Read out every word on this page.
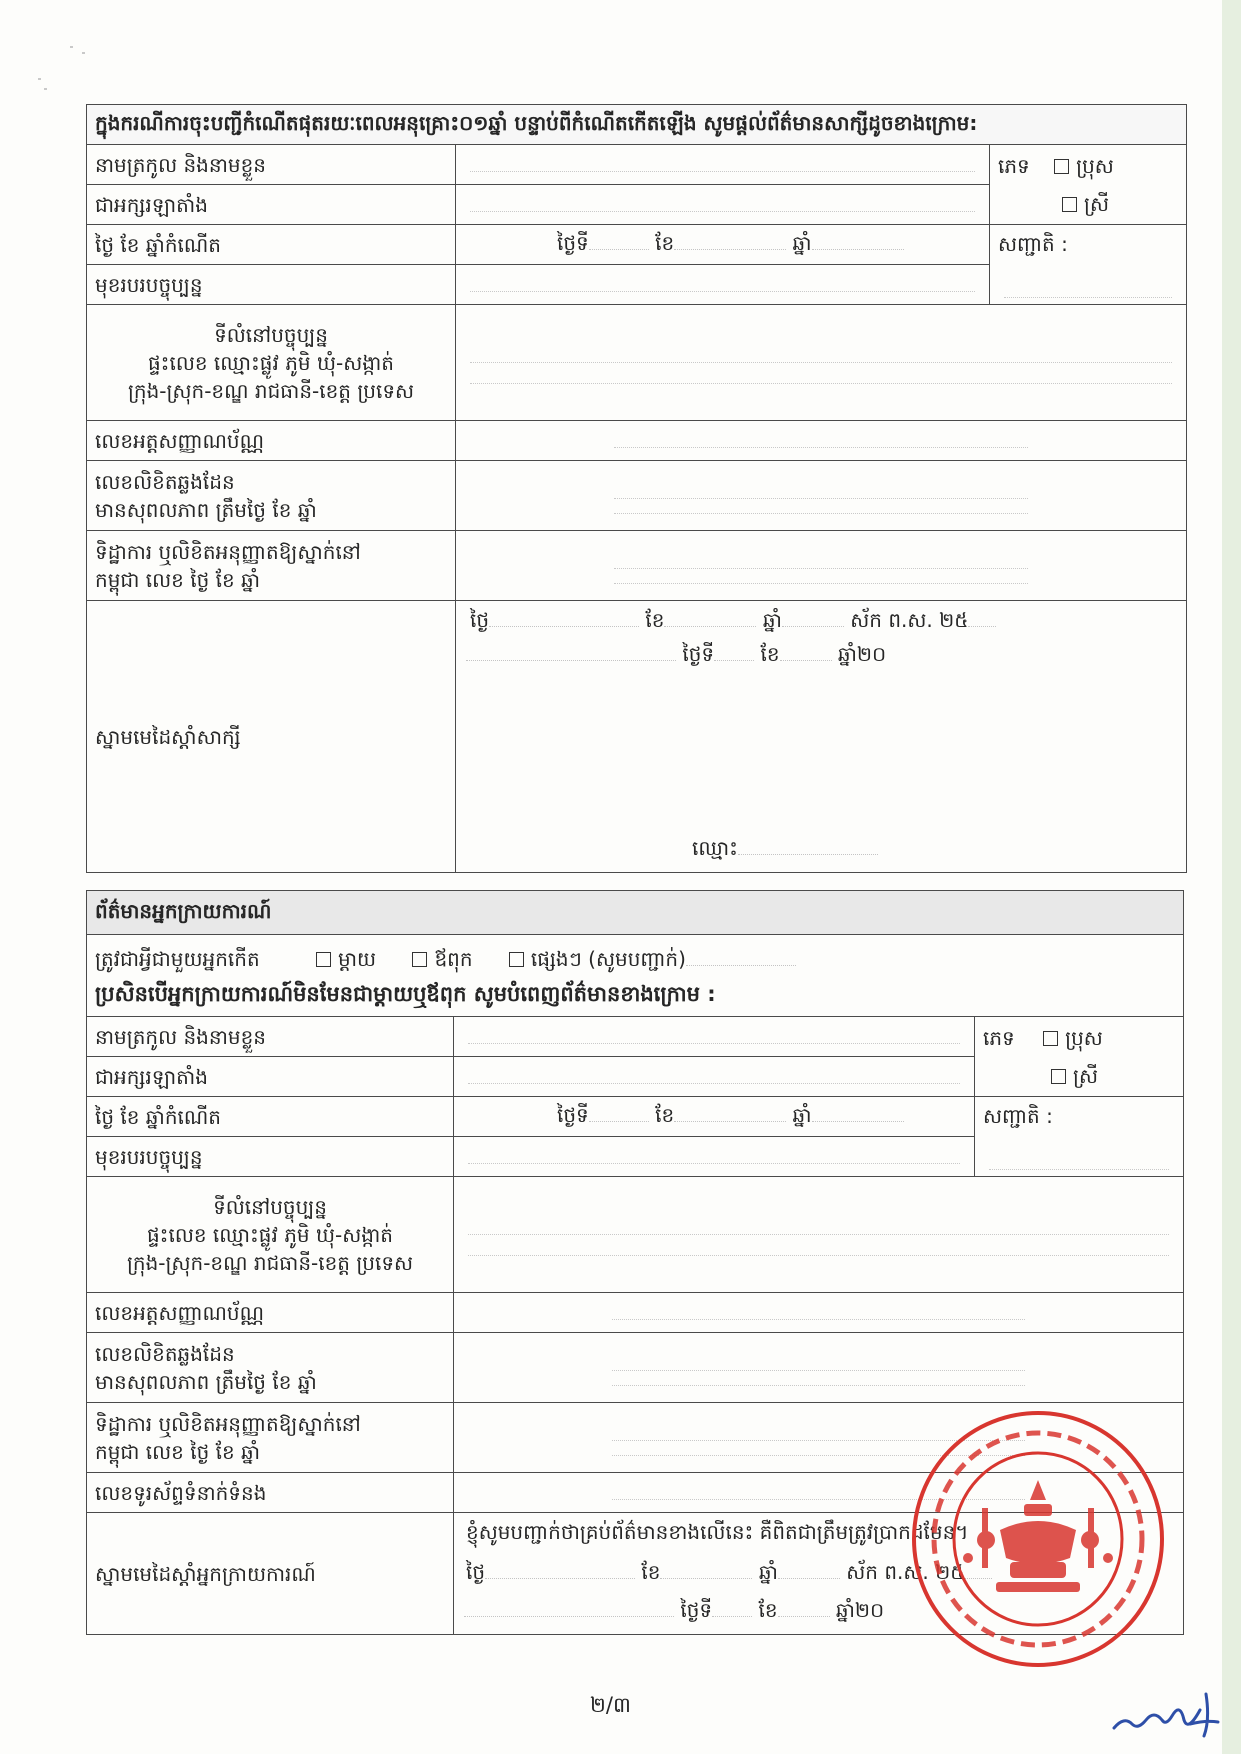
ក្នុងករណីការចុះបញ្ជីកំណើតផុតរយៈពេលអនុគ្រោះ០១ឆ្នាំ បន្ទាប់ពីកំណើតកើតឡើង សូមផ្តល់ព័ត៌មានសាក្សីដូចខាងក្រោម:		
នាមត្រកូល និងនាមខ្លួន		ភេទ ប្រុស
ស្រី

ជាអក្សរឡាតាំង		

ថ្ងៃ ខែ ឆ្នាំកំណើត	ថ្ងៃទី ខែ ឆ្នាំ	សញ្ជាតិ :

មុខរបរបច្ចុប្បន្ន		

ទីលំនៅបច្ចុប្បន្ន
ផ្ទះលេខ ឈ្មោះផ្លូវ ភូមិ ឃុំ-សង្កាត់
ក្រុង-ស្រុក-ខណ្ឌ រាជធានី-ខេត្ត ប្រទេស		

លេខអត្តសញ្ញាណប័ណ្ណ		

លេខលិខិតឆ្លងដែន
មានសុពលភាព ត្រឹមថ្ងៃ ខែ ឆ្នាំ		

ទិដ្ឋាការ ឬលិខិតអនុញ្ញាតឱ្យស្នាក់នៅ
កម្ពុជា លេខ ថ្ងៃ ខែ ឆ្នាំ		

ស្នាមមេដៃស្តាំសាក្សី	ថ្ងៃ ខែ ឆ្នាំ ស័ក ព.ស. ២៥
ថ្ងៃទី ខែ ឆ្នាំ២០
ឈ្មោះ	
ព័ត៌មានអ្នកក្រាយការណ៍		

ត្រូវជាអ្វីជាមួយអ្នកកើត ម្តាយ ឪពុក ផ្សេងៗ (សូមបញ្ជាក់)
ប្រសិនបើអ្នកក្រាយការណ៍មិនមែនជាម្តាយឬឪពុក សូមបំពេញព័ត៌មានខាងក្រោម :		

នាមត្រកូល និងនាមខ្លួន		ភេទ ប្រុស
ស្រី

ជាអក្សរឡាតាំង		

ថ្ងៃ ខែ ឆ្នាំកំណើត	ថ្ងៃទី ខែ ឆ្នាំ	សញ្ជាតិ :

មុខរបរបច្ចុប្បន្ន		

ទីលំនៅបច្ចុប្បន្ន
ផ្ទះលេខ ឈ្មោះផ្លូវ ភូមិ ឃុំ-សង្កាត់
ក្រុង-ស្រុក-ខណ្ឌ រាជធានី-ខេត្ត ប្រទេស		

លេខអត្តសញ្ញាណប័ណ្ណ		

លេខលិខិតឆ្លងដែន
មានសុពលភាព ត្រឹមថ្ងៃ ខែ ឆ្នាំ		

ទិដ្ឋាការ ឬលិខិតអនុញ្ញាតឱ្យស្នាក់នៅ
កម្ពុជា លេខ ថ្ងៃ ខែ ឆ្នាំ		

លេខទូរស័ព្ទទំនាក់ទំនង		

ស្នាមមេដៃស្តាំអ្នកក្រាយការណ៍	ខ្ញុំសូមបញ្ជាក់ថាគ្រប់ព័ត៌មានខាងលើនេះ គឺពិតជាត្រឹមត្រូវប្រាកដមែន។
ថ្ងៃ ខែ ឆ្នាំ ស័ក ព.ស. ២៥
ថ្ងៃទី ខែ ឆ្នាំ២០	
២/៣
